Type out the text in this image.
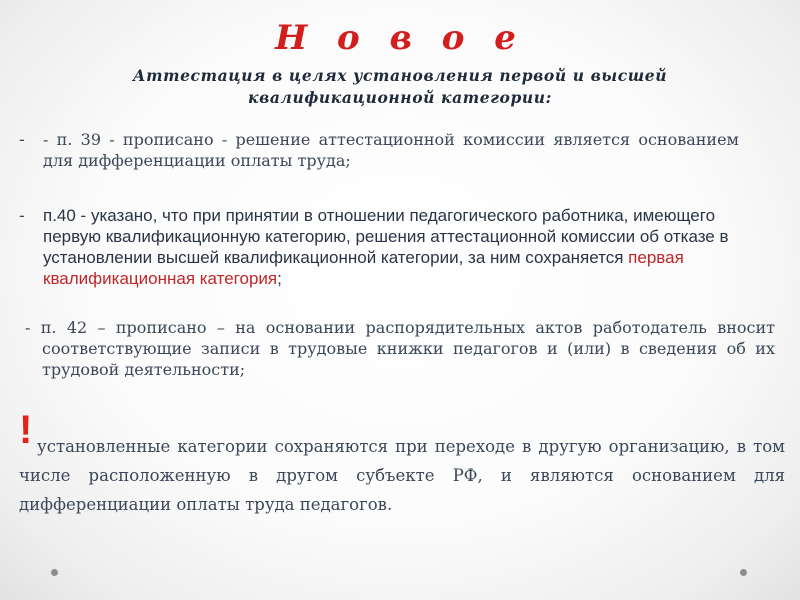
Н о в о е
Аттестация в целях установления первой и высшей квалификационной категории:
- - п. 39 - прописано - решение аттестационной комиссии является основанием для дифференциации оплаты труда;
- п.40 - указано, что при принятии в отношении педагогического работника, имеющего первую квалификационную категорию, решения аттестационной комиссии об отказе в установлении высшей квалификационной категории, за ним сохраняется первая квалификационная категория;
- п. 42 – прописано – на основании распорядительных актов работодатель вносит соответствующие записи в трудовые книжки педагогов и (или) в сведения об их трудовой деятельности;
! установленные категории сохраняются при переходе в другую организацию, в том числе расположенную в другом субъекте РФ, и являются основанием для дифференциации оплаты труда педагогов.
